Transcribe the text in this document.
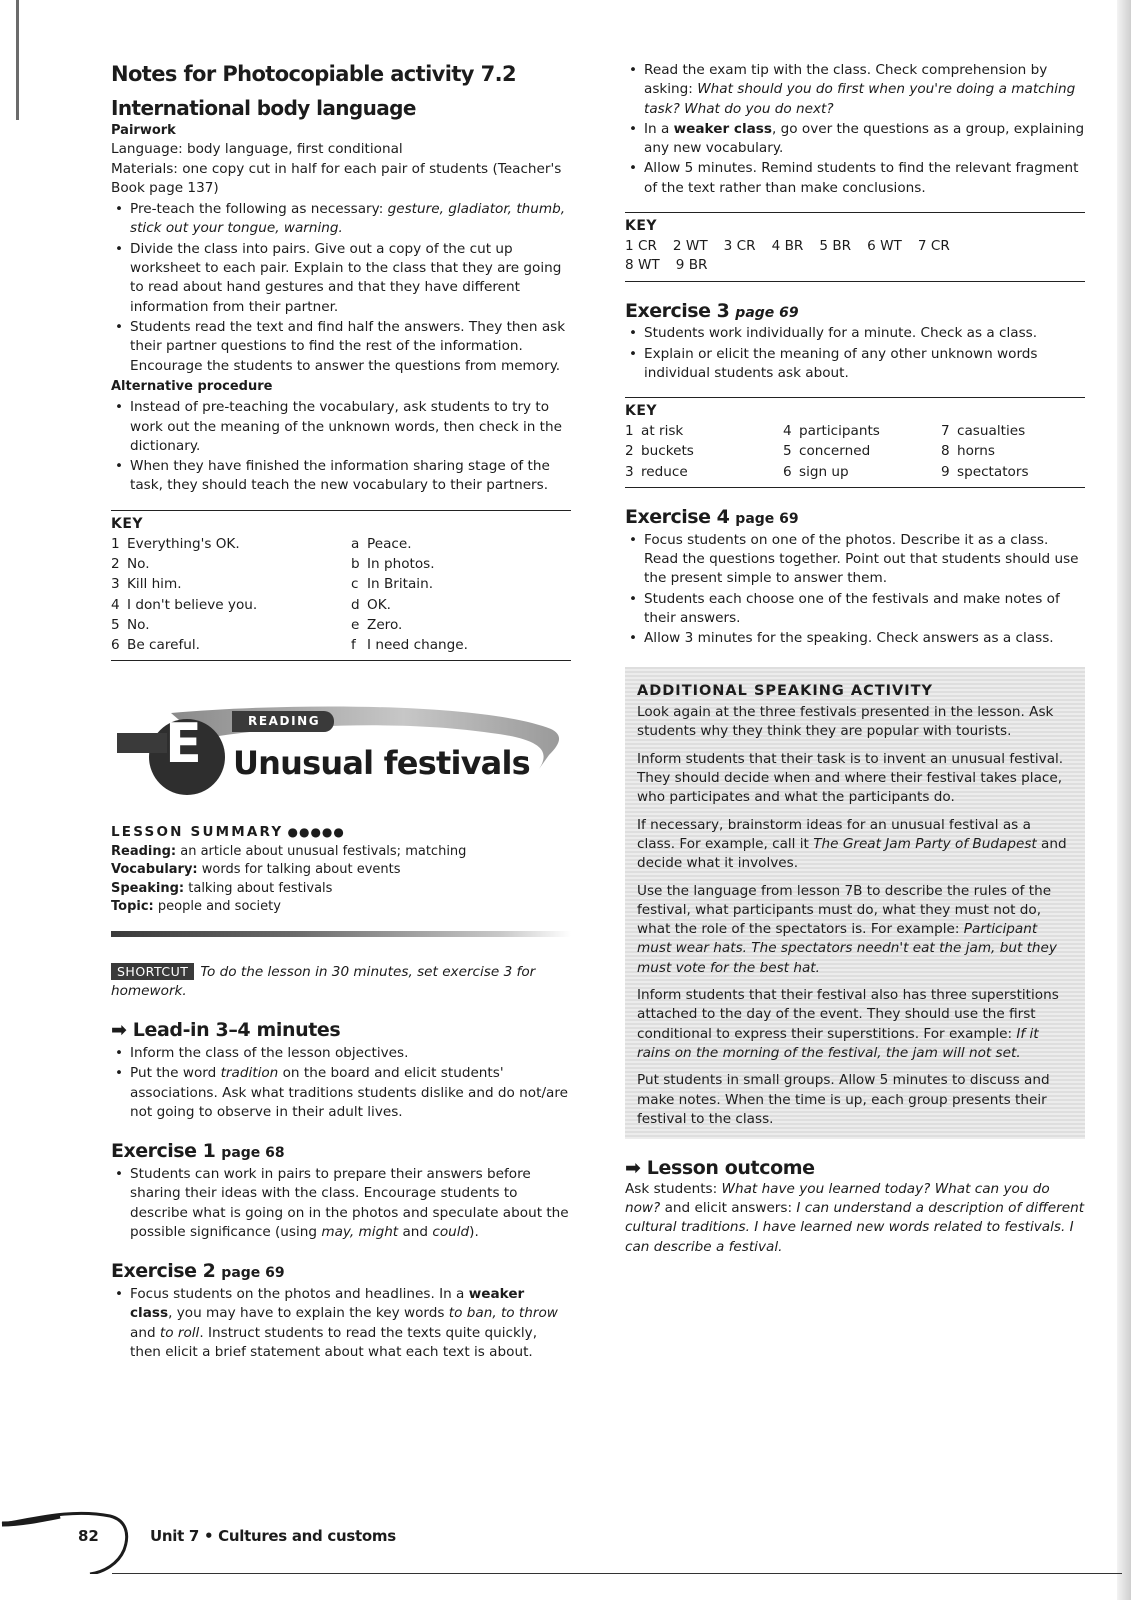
Notes for Photocopiable activity 7.2
International body language
Pairwork

Language: body language, first conditional

Materials: one copy cut in half for each pair of students (Teacher's Book page 137)

• Pre-teach the following as necessary: gesture, gladiator, thumb, stick out your tongue, warning.
• Divide the class into pairs. Give out a copy of the cut up worksheet to each pair. Explain to the class that they are going to read about hand gestures and that they have different information from their partner.
• Students read the text and find half the answers. They then ask their partner questions to find the rest of the information. Encourage the students to answer the questions from memory.
Alternative procedure
• Instead of pre-teaching the vocabulary, ask students to try to work out the meaning of the unknown words, then check in the dictionary.
• When they have finished the information sharing stage of the task, they should teach the new vocabulary to their partners.
KEY
1 Everything's OK.	a Peace.
2 No.	b In photos.
3 Kill him.	c In Britain.
4 I don't believe you.	d OK.
5 No.	e Zero.
6 Be careful.	f I need change.
E	READING
Unusual festivals
LESSON SUMMARY ●●●●●
Reading: an article about unusual festivals; matching
Vocabulary: words for talking about events
Speaking: talking about festivals
Topic: people and society
SHORTCUT To do the lesson in 30 minutes, set exercise 3 for homework.
➡ Lead-in 3–4 minutes
• Inform the class of the lesson objectives.
• Put the word tradition on the board and elicit students' associations. Ask what traditions students dislike and do not/are not going to observe in their adult lives.
Exercise 1 page 68
• Students can work in pairs to prepare their answers before sharing their ideas with the class. Encourage students to describe what is going on in the photos and speculate about the possible significance (using may, might and could).
Exercise 2 page 69
• Focus students on the photos and headlines. In a weaker class, you may have to explain the key words to ban, to throw and to roll. Instruct students to read the texts quite quickly, then elicit a brief statement about what each text is about.
• Read the exam tip with the class. Check comprehension by asking: What should you do first when you're doing a matching task? What do you do next?
• In a weaker class, go over the questions as a group, explaining any new vocabulary.
• Allow 5 minutes. Remind students to find the relevant fragment of the text rather than make conclusions.
KEY
1 CR 2 WT 3 CR 4 BR 5 BR 6 WT 7 CR
8 WT 9 BR
Exercise 3 page 69
• Students work individually for a minute. Check as a class.
• Explain or elicit the meaning of any other unknown words individual students ask about.
KEY
1 at risk	4 participants	7 casualties
2 buckets	5 concerned	8 horns
3 reduce	6 sign up	9 spectators
Exercise 4 page 69
• Focus students on one of the photos. Describe it as a class. Read the questions together. Point out that students should use the present simple to answer them.
• Students each choose one of the festivals and make notes of their answers.
• Allow 3 minutes for the speaking. Check answers as a class.
ADDITIONAL SPEAKING ACTIVITY

Look again at the three festivals presented in the lesson. Ask students why they think they are popular with tourists.

Inform students that their task is to invent an unusual festival. They should decide when and where their festival takes place, who participates and what the participants do.

If necessary, brainstorm ideas for an unusual festival as a class. For example, call it The Great Jam Party of Budapest and decide what it involves.

Use the language from lesson 7B to describe the rules of the festival, what participants must do, what they must not do, what the role of the spectators is. For example: Participant must wear hats. The spectators needn't eat the jam, but they must vote for the best hat.

Inform students that their festival also has three superstitions attached to the day of the event. They should use the first conditional to express their superstitions. For example: If it rains on the morning of the festival, the jam will not set.

Put students in small groups. Allow 5 minutes to discuss and make notes. When the time is up, each group presents their festival to the class.

➡ Lesson outcome

Ask students: What have you learned today? What can you do now? and elicit answers: I can understand a description of different cultural traditions. I have learned new words related to festivals. I can describe a festival.

82	Unit 7 • Cultures and customs
